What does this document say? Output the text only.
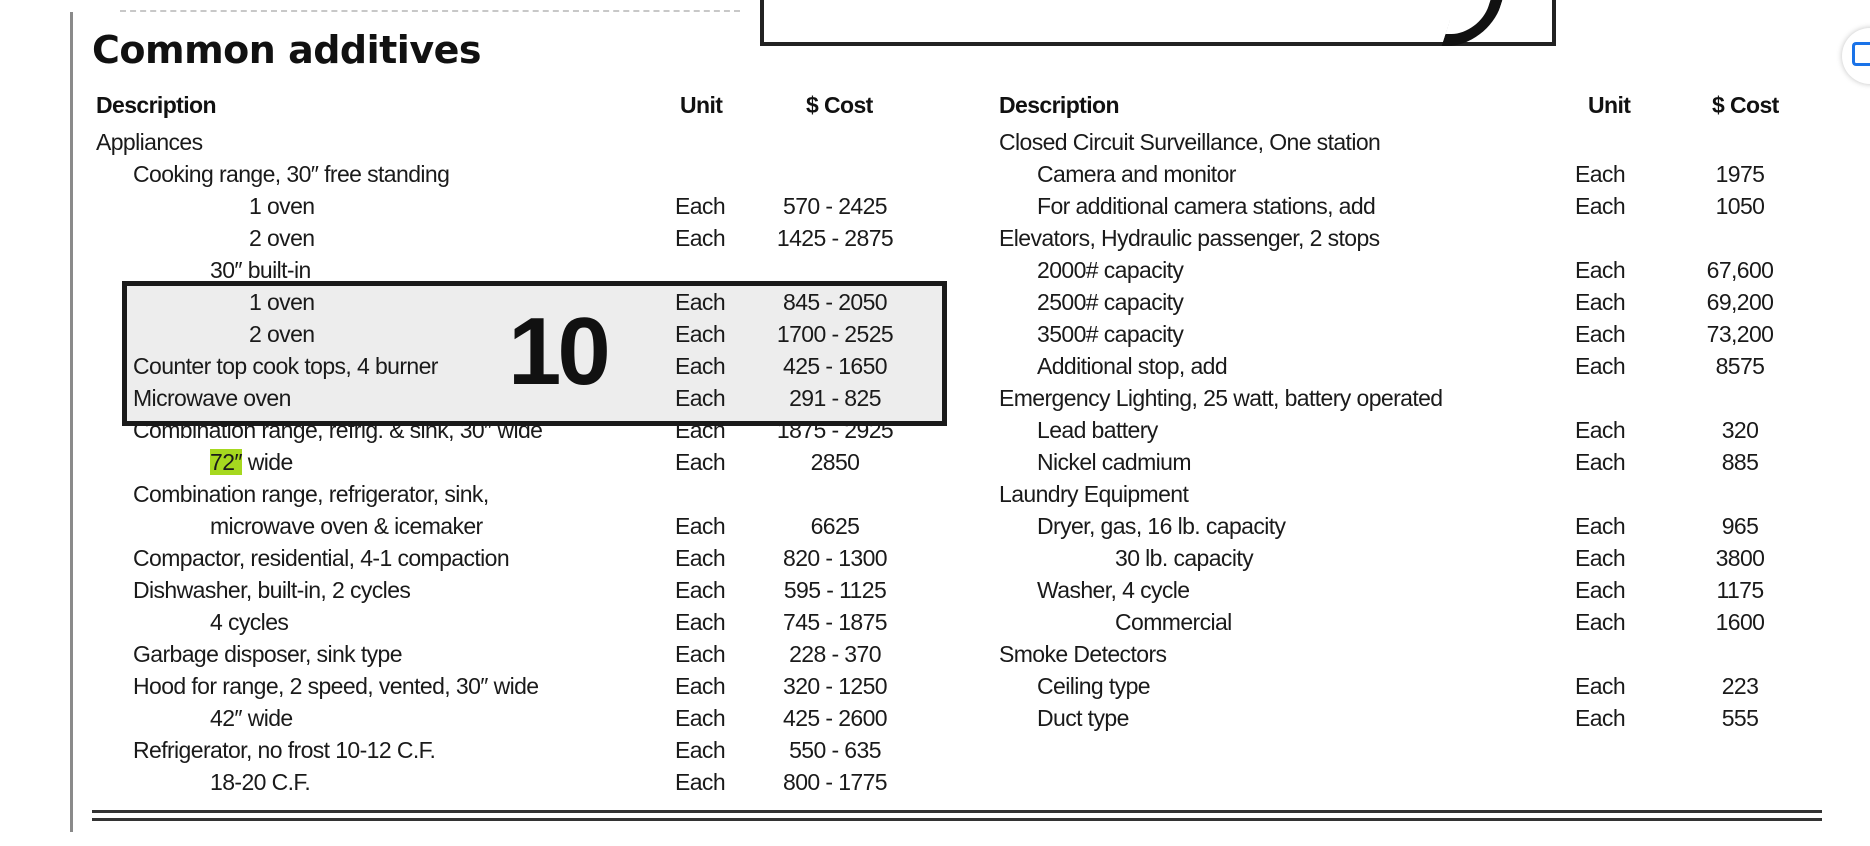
Common additives
Description	Unit	$ Cost	Description	Unit	$ Cost
Appliances
Cooking range, 30″ free standing
1 oven	Each	570 - 2425
2 oven	Each	1425 - 2875
30″ built-in
1 oven	Each	845 - 2050
2 oven	Each	1700 - 2525
Counter top cook tops, 4 burner	Each	425 - 1650
Microwave oven	Each	291 - 825
10
Combination range, refrig. & sink, 30″ wide	Each	1875 - 2925
72″ wide	Each	2850
Combination range, refrigerator, sink,
microwave oven & icemaker	Each	6625
Compactor, residential, 4-1 compaction	Each	820 - 1300
Dishwasher, built-in, 2 cycles	Each	595 - 1125
4 cycles	Each	745 - 1875
Garbage disposer, sink type	Each	228 - 370
Hood for range, 2 speed, vented, 30″ wide	Each	320 - 1250
42″ wide	Each	425 - 2600
Refrigerator, no frost 10-12 C.F.	Each	550 - 635
18-20 C.F.	Each	800 - 1775
Closed Circuit Surveillance, One station
Camera and monitor	Each	1975
For additional camera stations, add	Each	1050
Elevators, Hydraulic passenger, 2 stops
2000# capacity	Each	67,600
2500# capacity	Each	69,200
3500# capacity	Each	73,200
Additional stop, add	Each	8575
Emergency Lighting, 25 watt, battery operated
Lead battery	Each	320
Nickel cadmium	Each	885
Laundry Equipment
Dryer, gas, 16 lb. capacity	Each	965
30 lb. capacity	Each	3800
Washer, 4 cycle	Each	1175
Commercial	Each	1600
Smoke Detectors
Ceiling type	Each	223
Duct type	Each	555
